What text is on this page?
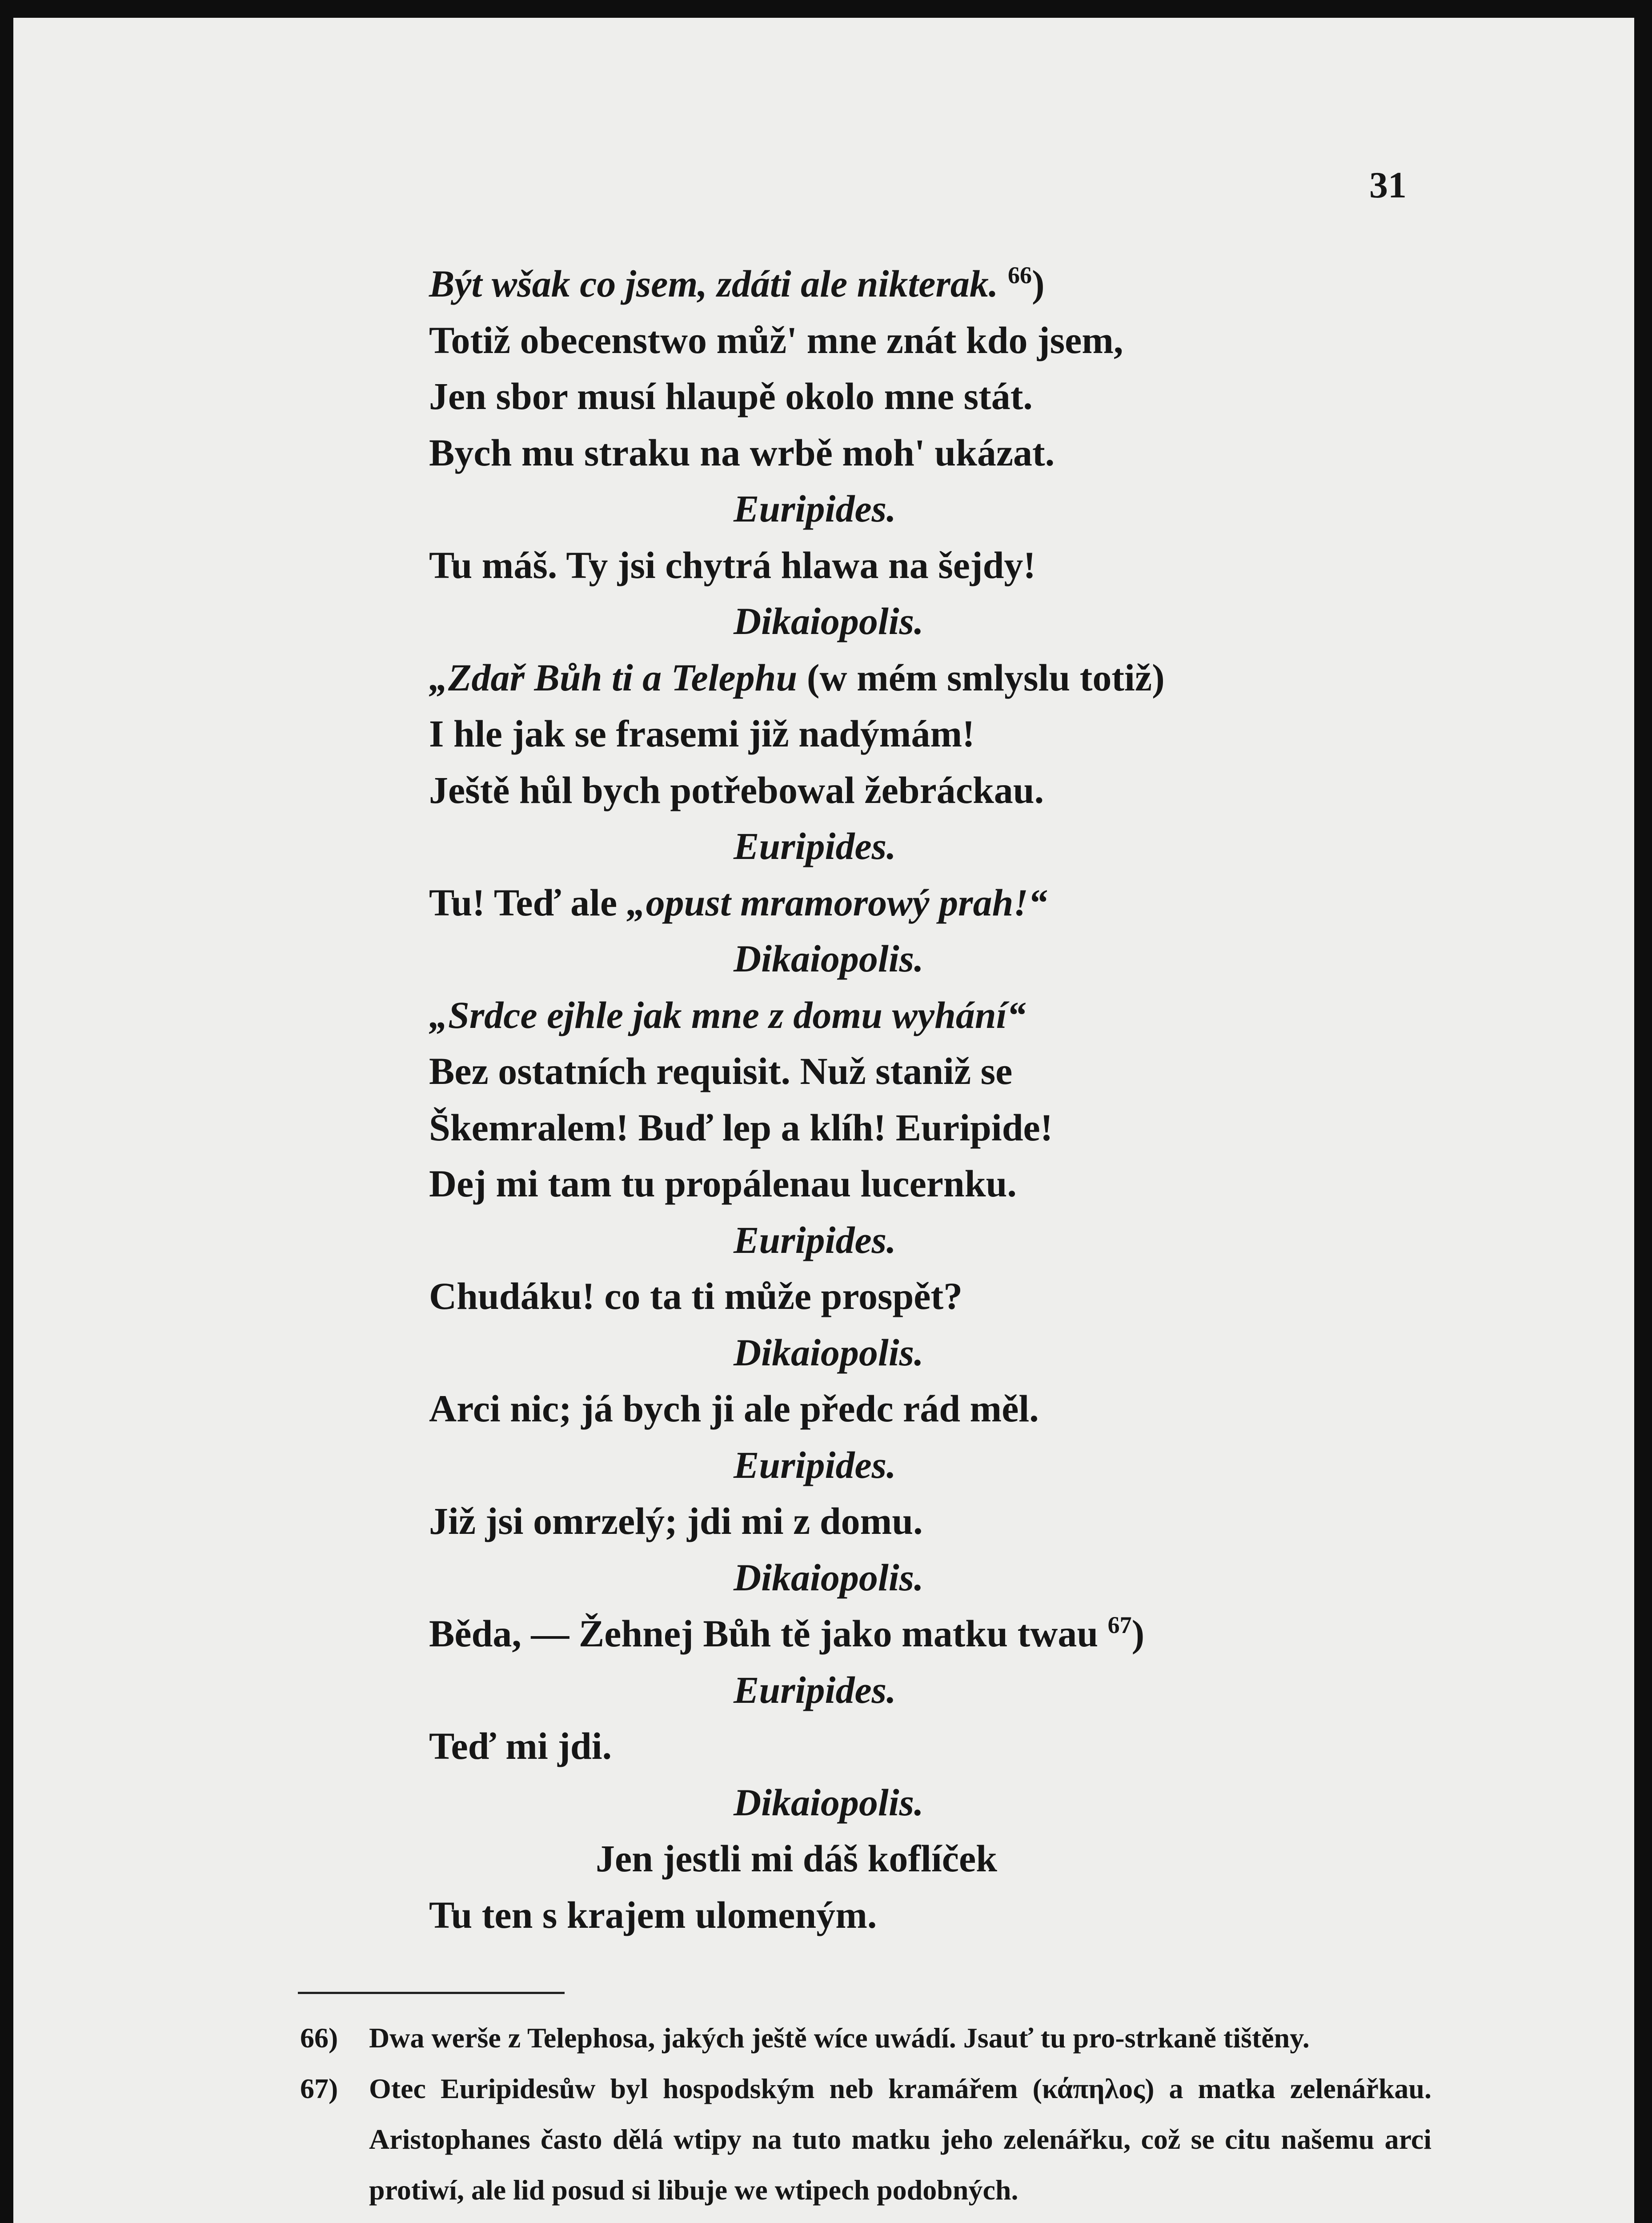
31
Být wšak co jsem, zdáti ale nikterak. $^{66}$)
Totiž obecenstwo můž' mne znát kdo jsem,
Jen sbor musí hlaupě okolo mne stát.
Bych mu straku na wrbě moh' ukázat.
Euripides.
Tu máš. Ty jsi chytrá hlawa na šejdy!
Dikaiopolis.
„Zdař Bůh ti a Telephu (w mém smlyslu totiž)
I hle jak se frasemi již nadýmám!
Ještě hůl bych potřebowal žebráckau.
Euripides.
Tu! Teď ale „opust mramorowý prah!“
Dikaiopolis.
„Srdce ejhle jak mne z domu wyhání“
Bez ostatních requisit. Nuž staniž se
Škemralem! Buď lep a klíh! Euripide!
Dej mi tam tu propálenau lucernku.
Euripides.
Chudáku! co ta ti může prospět?
Dikaiopolis.
Arci nic; já bych ji ale předc rád měl.
Euripides.
Již jsi omrzelý; jdi mi z domu.
Dikaiopolis.
Běda, — Žehnej Bůh tě jako matku twau $^{67}$)
Euripides.
Teď mi jdi.
Dikaiopolis.
Jen jestli mi dáš koflíček
Tu ten s krajem ulomeným.
66)	Dwa werše z Telephosa, jakých ještě wíce uwádí. Jsauť tu pro-strkaně tištěny.
67)	Otec Euripidesůw byl hospodským neb kramářem (κάπηλος) a matka zelenářkau. Aristophanes často dělá wtipy na tuto matku jeho zelenářku, což se citu našemu arci protiwí, ale lid posud si libuje we wtipech podobných.
